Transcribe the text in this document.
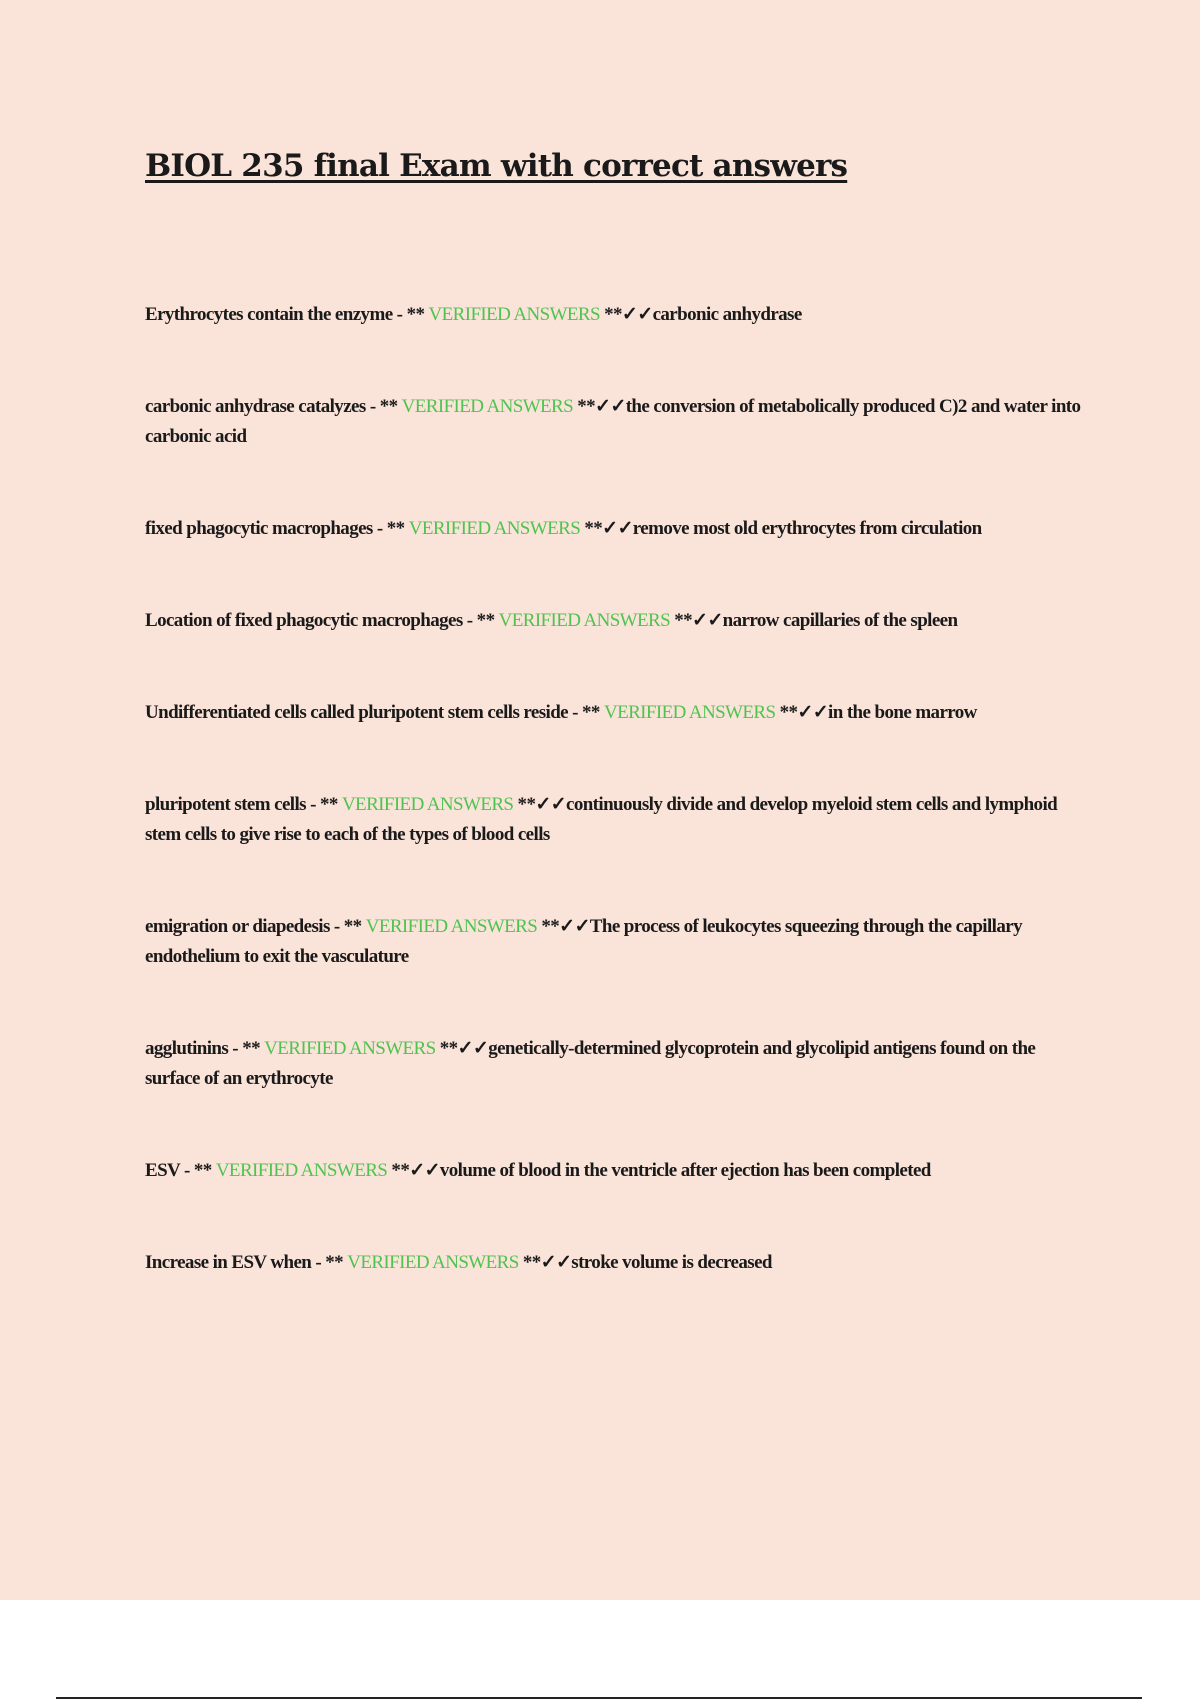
BIOL 235 final Exam with correct answers

Erythrocytes contain the enzyme - ** VERIFIED ANSWERS **✓✓carbonic anhydrase

carbonic anhydrase catalyzes - ** VERIFIED ANSWERS **✓✓the conversion of metabolically produced C)2 and water into carbonic acid

fixed phagocytic macrophages - ** VERIFIED ANSWERS **✓✓remove most old erythrocytes from circulation

Location of fixed phagocytic macrophages - ** VERIFIED ANSWERS **✓✓narrow capillaries of the spleen

Undifferentiated cells called pluripotent stem cells reside - ** VERIFIED ANSWERS **✓✓in the bone marrow

pluripotent stem cells - ** VERIFIED ANSWERS **✓✓continuously divide and develop myeloid stem cells and lymphoid stem cells to give rise to each of the types of blood cells

emigration or diapedesis - ** VERIFIED ANSWERS **✓✓The process of leukocytes squeezing through the capillary endothelium to exit the vasculature

agglutinins - ** VERIFIED ANSWERS **✓✓genetically-determined glycoprotein and glycolipid antigens found on the surface of an erythrocyte

ESV - ** VERIFIED ANSWERS **✓✓volume of blood in the ventricle after ejection has been completed

Increase in ESV when - ** VERIFIED ANSWERS **✓✓stroke volume is decreased
